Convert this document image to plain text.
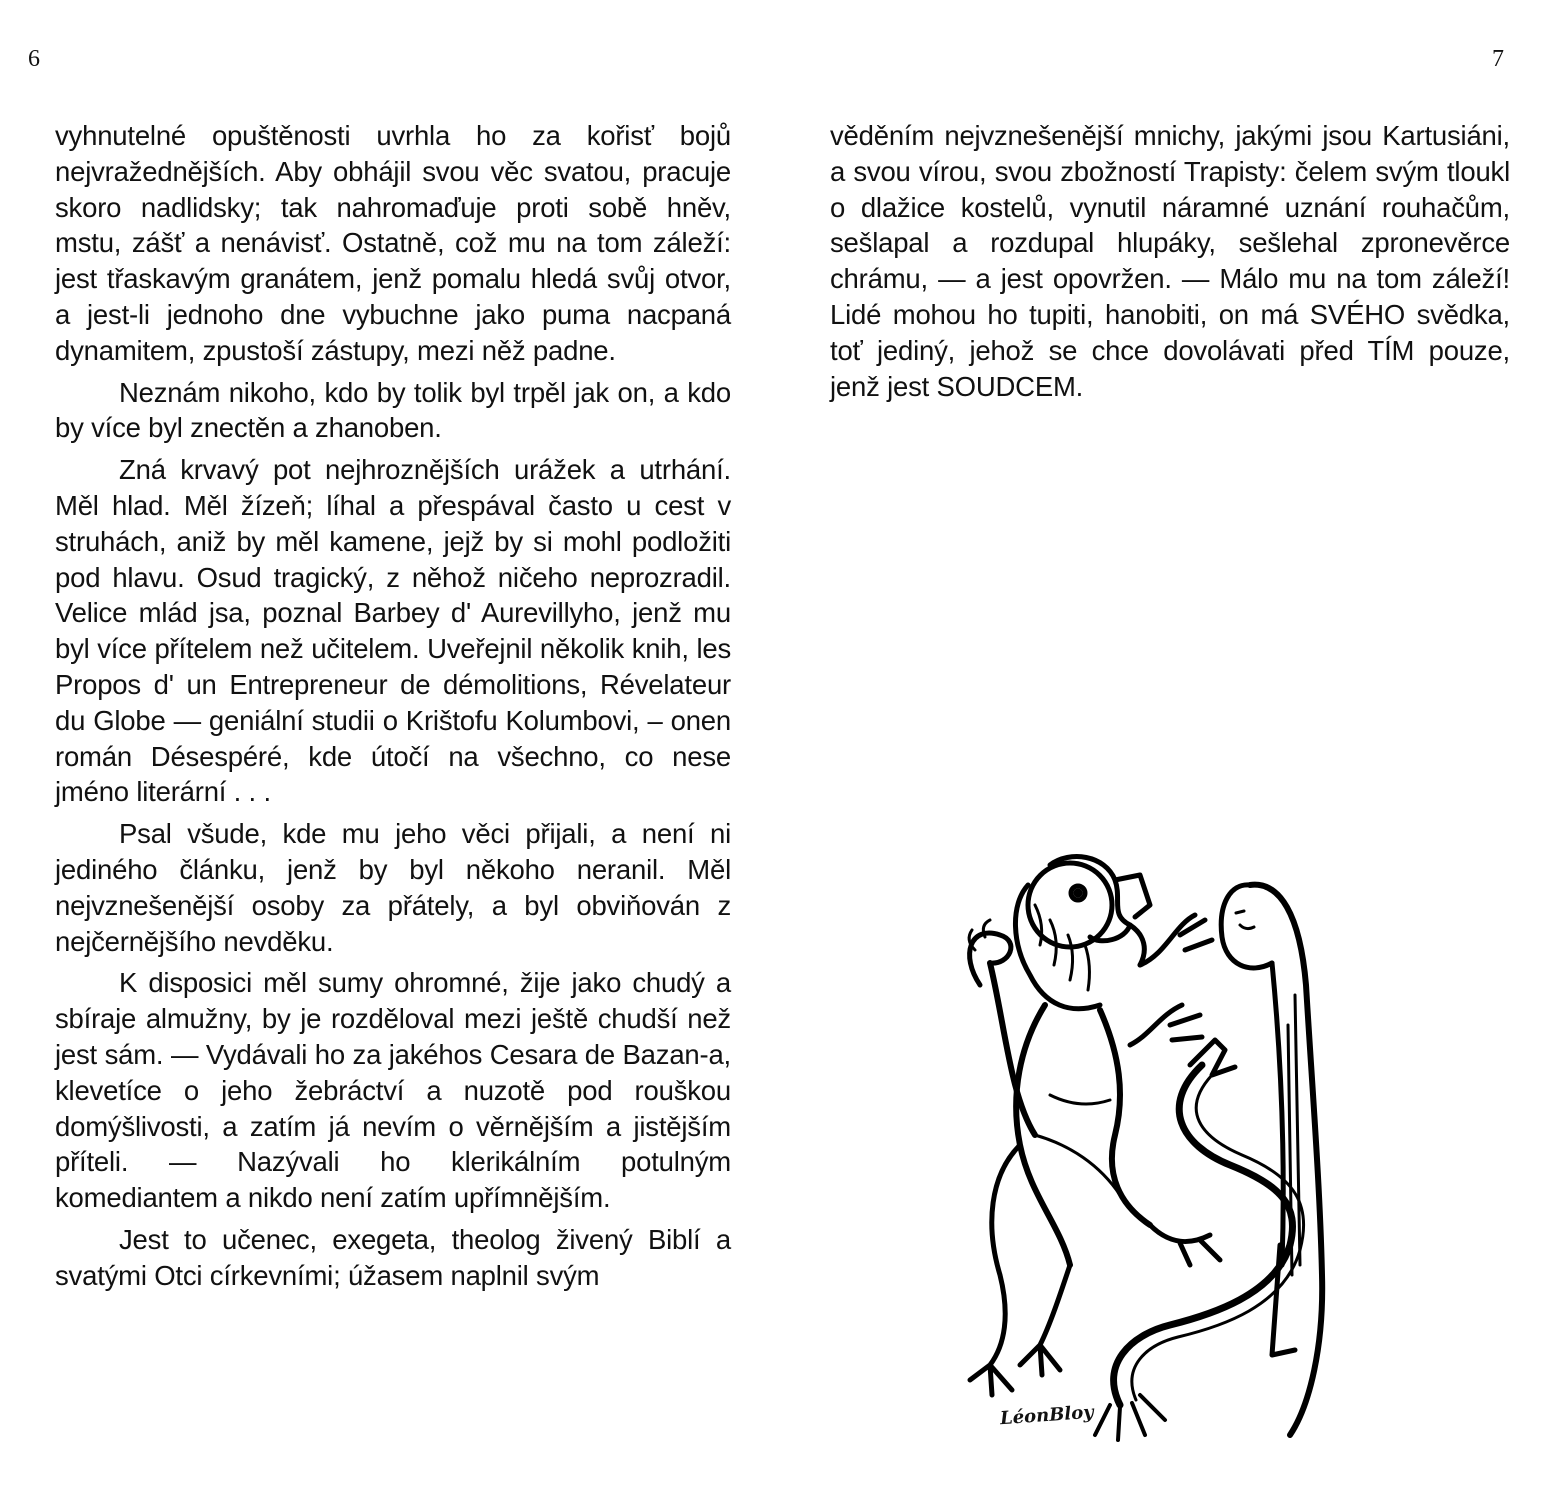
6	7

vyhnutelné opuštěnosti uvrhla ho za kořisť bojů nejvražednějších. Aby obhájil svou věc svatou, pracuje skoro nadlidsky; tak nahromaďuje proti sobě hněv, mstu, zášť a nenávisť. Ostatně, což mu na tom záleží: jest třaskavým granátem, jenž pomalu hledá svůj otvor, a jest-li jednoho dne vybuchne jako puma nacpaná dynamitem, zpustoší zástupy, mezi něž padne.

Neznám nikoho, kdo by tolik byl trpěl jak on, a kdo by více byl znectěn a zhanoben.

Zná krvavý pot nejhroznějších urážek a utrhání. Měl hlad. Měl žízeň; líhal a přespával často u cest v struhách, aniž by měl kamene, jejž by si mohl podložiti pod hlavu. Osud tragický, z něhož ničeho neprozradil. Velice mlád jsa, poznal Barbey d' Aurevillyho, jenž mu byl více přítelem než učitelem. Uveřejnil několik knih, les Propos d' un Entrepreneur de démolitions, Révelateur du Globe — geniální studii o Krištofu Kolumbovi, – onen román Désespéré, kde útočí na všechno, co nese jméno literární . . .

Psal všude, kde mu jeho věci přijali, a není ni jediného článku, jenž by byl někoho neranil. Měl nejvznešenější osoby za přátely, a byl obviňován z nejčernějšího nevděku.

K disposici měl sumy ohromné, žije jako chudý a sbíraje almužny, by je rozděloval mezi ještě chudší než jest sám. — Vydávali ho za jakéhos Cesara de Bazan-a, klevetíce o jeho žebráctví a nuzotě pod rouškou domýšlivosti, a zatím já nevím o věrnějším a jistějším příteli. — Nazývali ho klerikálním potulným komediantem a nikdo není zatím upřímnějším.

Jest to učenec, exegeta, theolog živený Biblí a svatými Otci církevními; úžasem naplnil svým

věděním nejvznešenější mnichy, jakými jsou Kartusiáni, a svou vírou, svou zbožností Trapisty: čelem svým tloukl o dlažice kostelů, vynutil náramné uznání rouhačům, sešlapal a rozdupal hlupáky, sešlehal zpronevěrce chrámu, — a jest opovržen. — Málo mu na tom záleží! Lidé mohou ho tupiti, hanobiti, on má SVÉHO svědka, toť jediný, jehož se chce dovolávati před TÍM pouze, jenž jest SOUDCEM.

LéonBloy
